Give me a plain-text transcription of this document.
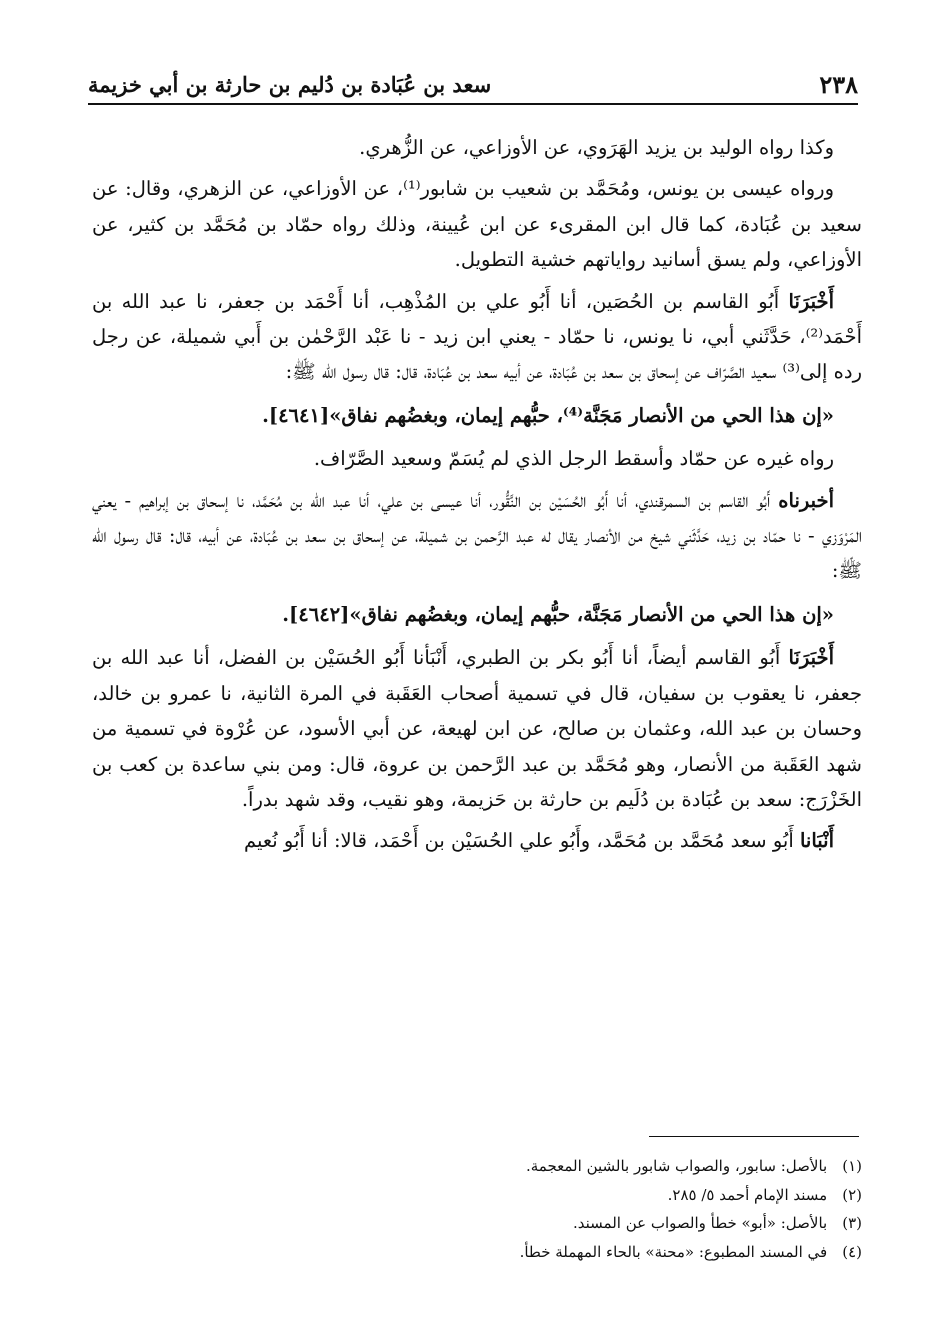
٢٣٨
سعد بن عُبَادة بن دُليم بن حارثة بن أبي خزيمة

وكذا رواه الوليد بن يزيد الهَرَوي، عن الأوزاعي، عن الزُّهري.

ورواه عيسى بن يونس، ومُحَمَّد بن شعيب بن شابور⁽¹⁾، عن الأوزاعي، عن الزهري، وقال: عن سعيد بن عُبَادة، كما قال ابن المقرىء عن ابن عُيينة، وذلك رواه حمّاد بن مُحَمَّد بن كثير، عن الأوزاعي، ولم يسق أسانيد رواياتهم خشية التطويل.

أَخْبَرَنَا أَبُو القاسم بن الحُصَين، أنا أَبُو علي بن المُذْهِب، أنا أَحْمَد بن جعفر، نا عبد الله بن أَحْمَد⁽²⁾، حَدَّثَني أبي، نا يونس، نا حمّاد - يعني ابن زيد - نا عَبْد الرَّحْمٰن بن أَبي شميلة، عن رجل رده إلى⁽³⁾ سعيد الصَّرّاف عن إسحاق بن سعد بن عُبَادة، عن أبيه سعد بن عُبَادة، قال: قال رسول الله ﷺ:

«إن هذا الحي من الأنصار مَجَنَّة⁽⁴⁾، حبُّهم إيمان، وبغضُهم نفاق»[٤٦٤١].

رواه غيره عن حمّاد وأسقط الرجل الذي لم يُسَمّ وسعيد الصَّرّاف.

أخبرناه أَبُو القاسم بن السمرقندي، أنا أَبُو الحُسَيْن بن النَّقُّور، أنا عيسى بن علي، أنا عبد الله بن مُحَمَّد، نا إسحاق بن إبراهيم - يعني المَرْوَزي - نا حمّاد بن زيد، حَدَّثَني شيخ من الأنصار يقال له عبد الرَّحمن بن شميلة، عن إسحاق بن سعد بن عُبَادة، عن أبيه، قال: قال رسول الله ﷺ:

«إن هذا الحي من الأنصار مَجَنَّة، حبُّهم إيمان، وبغضُهم نفاق»[٤٦٤٢].

أَخْبَرَنَا أَبُو القاسم أيضاً، أنا أَبُو بكر بن الطبري، أَنْبَأنا أَبُو الحُسَيْن بن الفضل، أنا عبد الله بن جعفر، نا يعقوب بن سفيان، قال في تسمية أصحاب العَقَبة في المرة الثانية، نا عمرو بن خالد، وحسان بن عبد الله، وعثمان بن صالح، عن ابن لهيعة، عن أبي الأسود، عن عُرْوة في تسمية من شهد العَقَبة من الأنصار، وهو مُحَمَّد بن عبد الرَّحمن بن عروة، قال: ومن بني ساعدة بن كعب بن الخَزْرَج: سعد بن عُبَادة بن دُلَيم بن حارثة بن حَزيمة، وهو نقيب، وقد شهد بدراً.

أَنْبَانا أَبُو سعد مُحَمَّد بن مُحَمَّد، وأَبُو علي الحُسَيْن بن أَحْمَد، قالا: أنا أَبُو نُعيم

(١) بالأصل: سابور، والصواب شابور بالشين المعجمة.
(٢) مسند الإمام أحمد ٥/ ٢٨٥.
(٣) بالأصل: «أبو» خطأ والصواب عن المسند.
(٤) في المسند المطبوع: «محنة» بالحاء المهملة خطأ.
